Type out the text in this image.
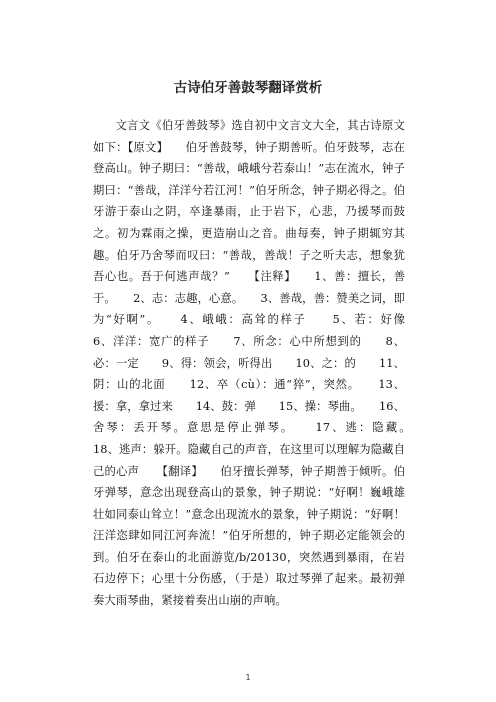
古诗伯牙善鼓琴翻译赏析

文言文《伯牙善鼓琴》选自初中文言文大全，其古诗原文如下：【原文】　　伯牙善鼓琴，钟子期善听。伯牙鼓琴，志在登高山。钟子期曰：“善哉，峨峨兮若泰山！”志在流水，钟子期曰：“善哉，洋洋兮若江河！”伯牙所念，钟子期必得之。伯牙游于泰山之阴，卒逢暴雨，止于岩下，心悲，乃援琴而鼓之。初为霖雨之操，更造崩山之音。曲每奏，钟子期辄穷其趣。伯牙乃舍琴而叹曰：“善哉，善哉！子之听夫志，想象犹吾心也。吾于何逃声哉？”　　【注释】　　1、善：擅长，善于。　　2、志：志趣，心意。　　3、善哉，善：赞美之词，即为“好啊”。　　4、峨峨：高耸的样子　　5、若：好像　　6、洋洋：宽广的样子　　7、所念：心中所想到的　　8、必：一定　　9、得：领会，听得出　　10、之：的　　11、阴：山的北面　　12、卒（cù）：通“猝”，突然。　　13、援：拿，拿过来　　14、鼓：弹　　15、操：琴曲。　　16、舍琴：丢开琴。意思是停止弹琴。　　17、逃：隐藏。　　18、逃声：躲开。隐藏自己的声音，在这里可以理解为隐藏自己的心声　　【翻译】　　伯牙擅长弹琴，钟子期善于倾听。伯牙弹琴，意念出现登高山的景象，钟子期说：“好啊！巍峨雄壮如同泰山耸立！”意念出现流水的景象，钟子期说：“好啊！汪洋恣肆如同江河奔流！”伯牙所想的，钟子期必定能领会的到。伯牙在泰山的北面游览/b/20130，突然遇到暴雨，在岩石边停下；心里十分伤感，（于是）取过琴弹了起来。最初弹奏大雨琴曲，紧接着奏出山崩的声响。

1
